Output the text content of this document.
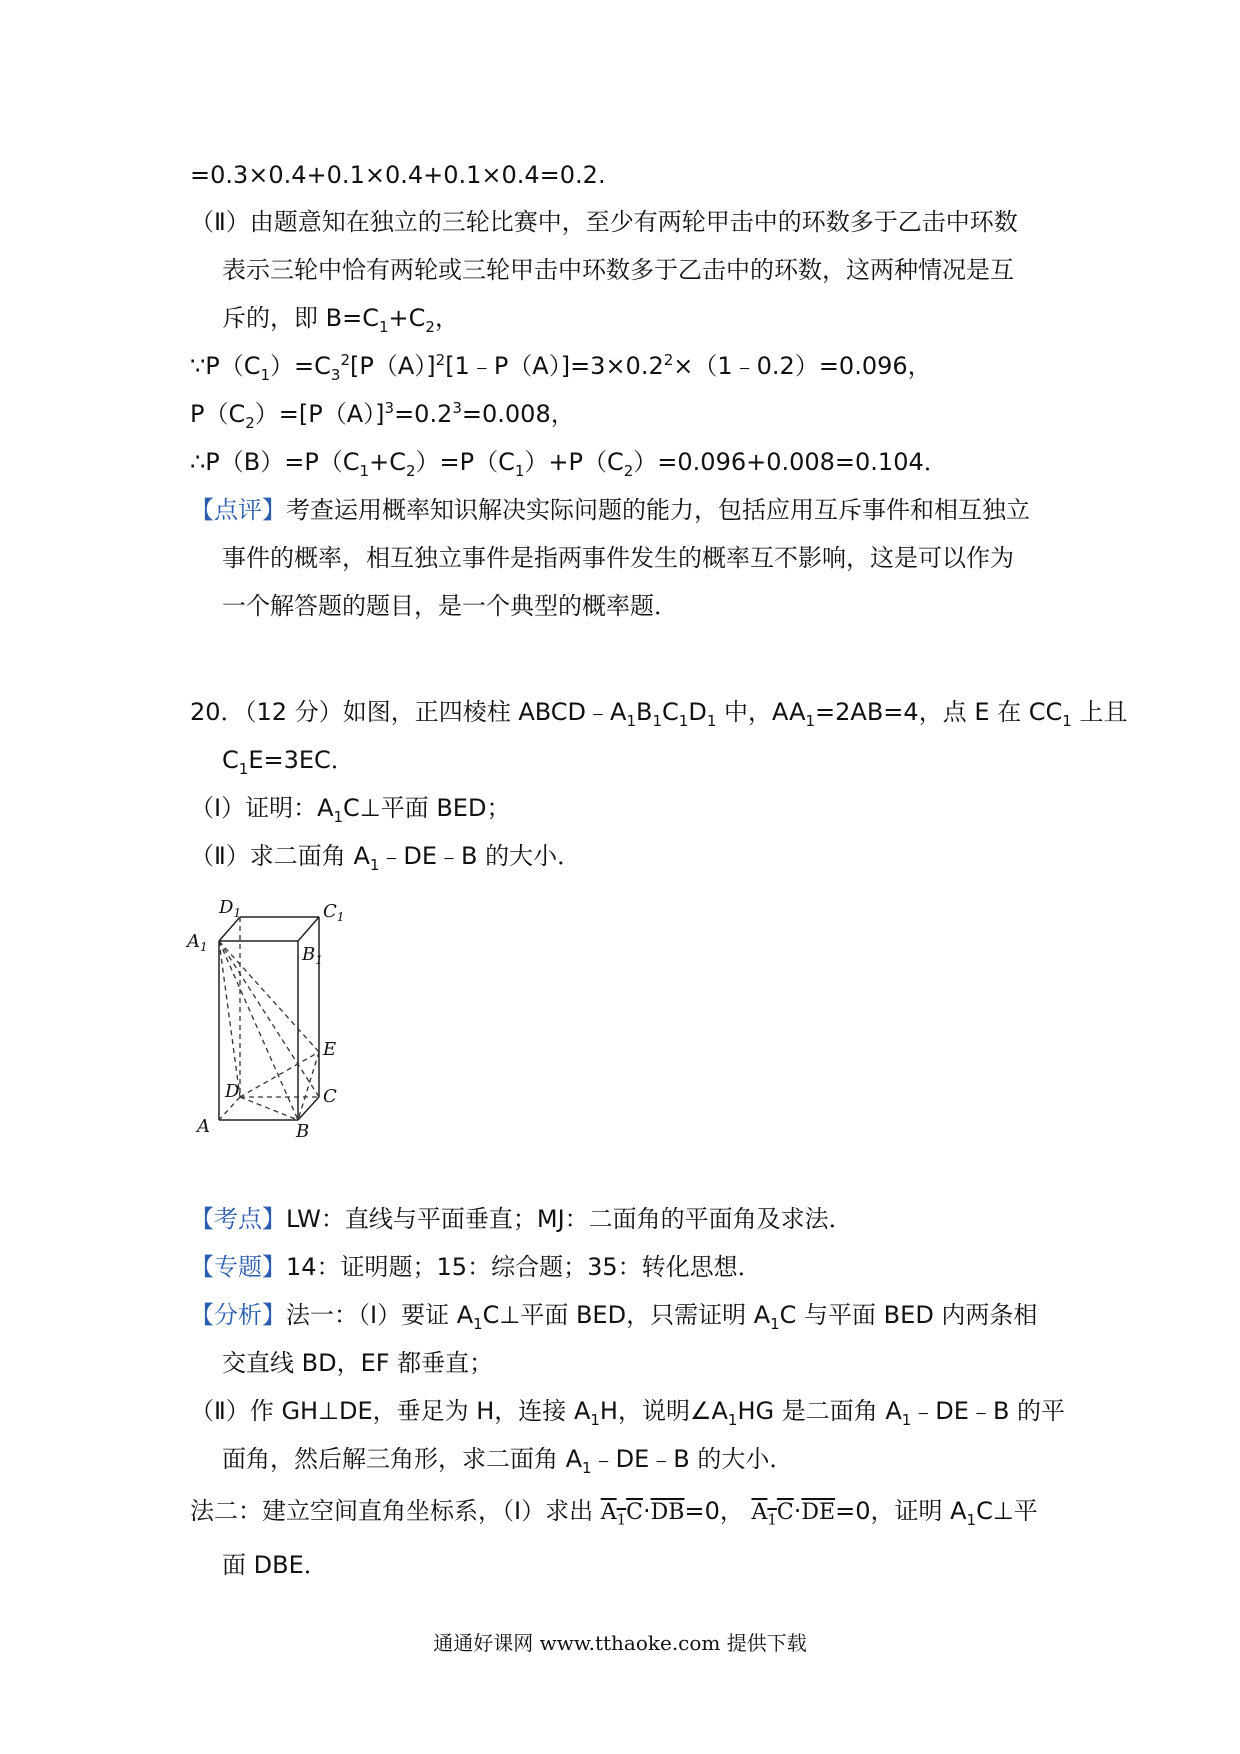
=0.3×0.4+0.1×0.4+0.1×0.4=0.2.
（Ⅱ）由题意知在独立的三轮比赛中，至少有两轮甲击中的环数多于乙击中环数
表示三轮中恰有两轮或三轮甲击中环数多于乙击中的环数，这两种情况是互
斥的，即 $B=C_1+C_2$，
$\because P(C_1)=C_3^2[P(A)]^2[1﹣P(A)]=3\times 0.2^2\times(1﹣0.2)=0.096$，
$P(C_2)=[P(A)]^3=0.2^3=0.008$，
$\therefore P(B)=P(C_1+C_2)=P(C_1)+P(C_2)=0.096+0.008=0.104$．
【点评】考查运用概率知识解决实际问题的能力，包括应用互斥事件和相互独立
事件的概率，相互独立事件是指两事件发生的概率互不影响，这是可以作为
一个解答题的题目，是一个典型的概率题．
20．（12 分）如图，正四棱柱 $ABCD﹣A_1B_1C_1D_1$ 中，$AA_1=2AB=4$，点 E 在 $CC_1$ 上且
$C_1E=3EC$．
（Ⅰ）证明：$A_1C\perp$平面 BED；
（Ⅱ）求二面角 $A_1﹣DE﹣B$ 的大小．
$D_1$	$C_1$
$A_1$	$B_1$
E
D	C
A	B
【考点】LW：直线与平面垂直；MJ：二面角的平面角及求法．
【专题】14：证明题；15：综合题；35：转化思想．
【分析】法一：（Ⅰ）要证 $A_1C\perp$平面 BED，只需证明 $A_1C$ 与平面 BED 内两条相
交直线 BD，EF 都垂直；
（Ⅱ）作 GH⊥DE，垂足为 H，连接 $A_1H$，说明$\angle A_1HG$ 是二面角 $A_1﹣DE﹣B$ 的平
面角，然后解三角形，求二面角 $A_1﹣DE﹣B$ 的大小．
法二：建立空间直角坐标系，（Ⅰ）求出 $A_1C\cdot\overline{DB}=0$， $A_1C\cdot\overline{DE}=0$，证明 $A_1C\perp$平
面 DBE．
通通好课网 www.tthaoke.com 提供下载
